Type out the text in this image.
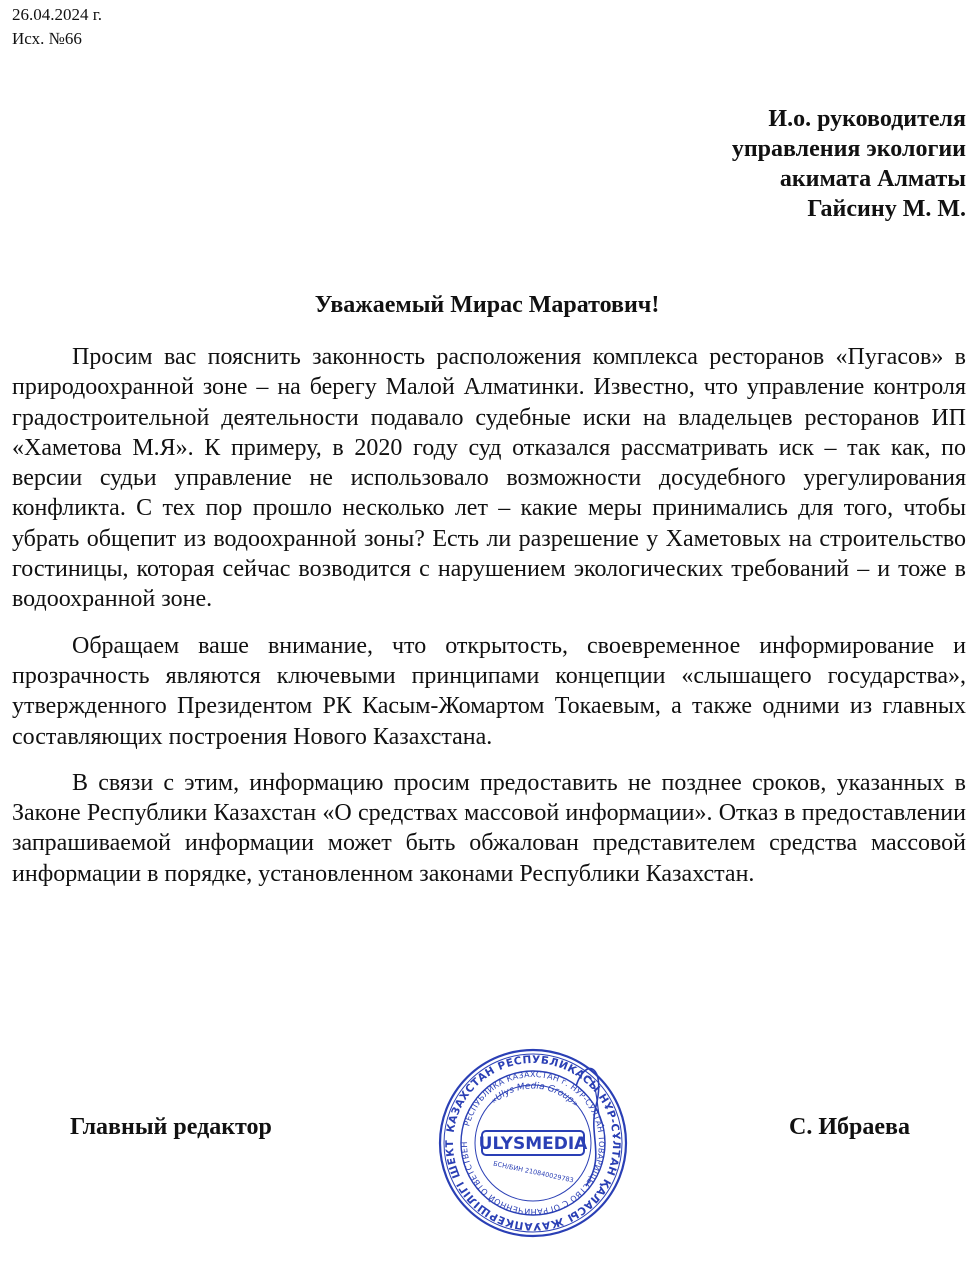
26.04.2024 г.
Исх. №66
И.о. руководителя
управления экологии
акимата Алматы
Гайсину М. М.
Уважаемый Мирас Маратович!

Просим вас пояснить законность расположения комплекса ресторанов «Пугасов» в природоохранной зоне – на берегу Малой Алматинки. Известно, что управление контроля градостроительной деятельности подавало судебные иски на владельцев ресторанов ИП «Хаметова М.Я». К примеру, в 2020 году суд отказался рассматривать иск – так как, по версии судьи управление не использовало возможности досудебного урегулирования конфликта. С тех пор прошло несколько лет – какие меры принимались для того, чтобы убрать общепит из водоохранной зоны? Есть ли разрешение у Хаметовых на строительство гостиницы, которая сейчас возводится с нарушением экологических требований – и тоже в водоохранной зоне.

Обращаем ваше внимание, что открытость, своевременное информирование и прозрачность являются ключевыми принципами концепции «слышащего государства», утвержденного Президентом РК Касым-Жомартом Токаевым, а также одними из главных составляющих построения Нового Казахстана.

В связи с этим, информацию просим предоставить не позднее сроков, указанных в Законе Республики Казахстан «О средствах массовой информации». Отказ в предоставлении запрашиваемой информации может быть обжалован представителем средства массовой информации в порядке, установленном законами Республики Казахстан.

Главный редактор	С. Ибраева
КАЗАХСТАН РЕСПУБЛИКАСЫ НҰР-СҰЛТАН ҚАЛАСЫ ЖАУАПКЕРШІЛІГІ ШЕКТ
РЕСПУБЛИКА КАЗАХСТАН г. НУР-СУЛТАН ТОВАРИЩЕСТВО С ОГРАНИЧЕННОЙ ОТВЕТСТВЕН
«Ulys Media Group»
ULYSMEDIA
БСН/БИН 210840029783
